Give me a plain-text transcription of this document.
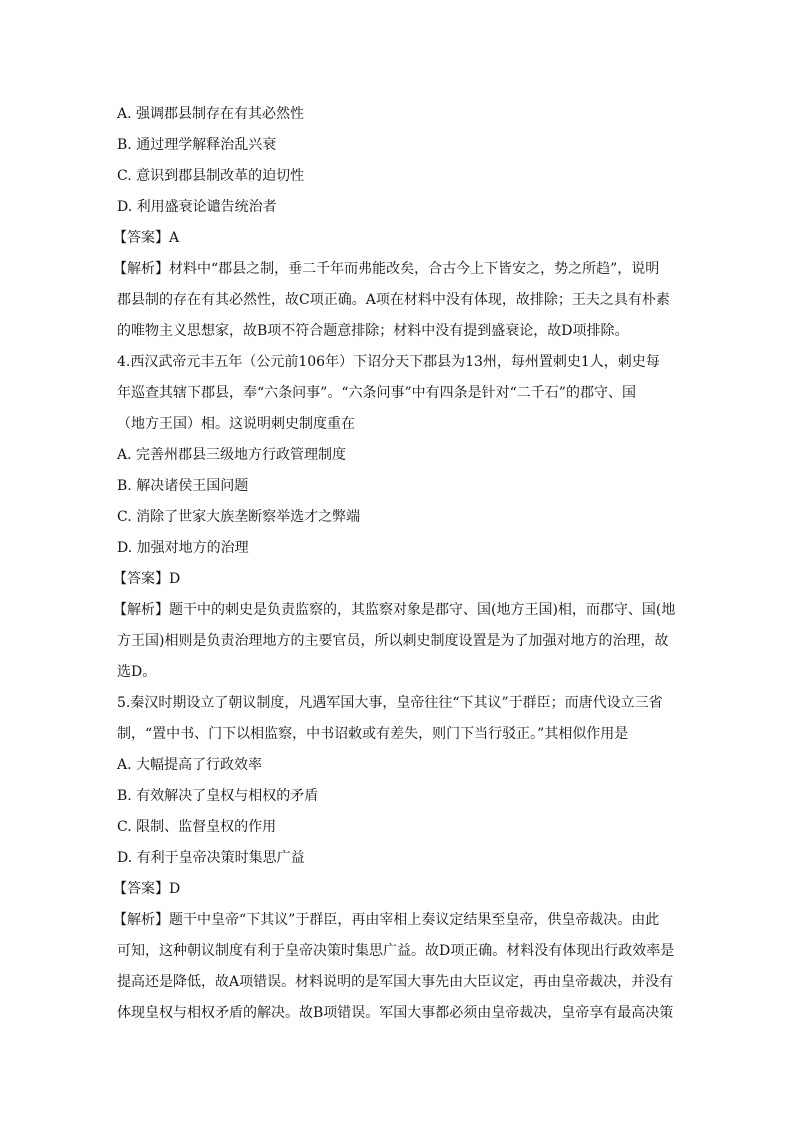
A. 强调郡县制存在有其必然性
B. 通过理学解释治乱兴衰
C. 意识到郡县制改革的迫切性
D. 利用盛衰论谴告统治者
【答案】A
【解析】材料中“郡县之制，垂二千年而弗能改矣，合古今上下皆安之，势之所趋”，说明
郡县制的存在有其必然性，故C项正确。A项在材料中没有体现，故排除；王夫之具有朴素
的唯物主义思想家，故B项不符合题意排除；材料中没有提到盛衰论，故D项排除。
4.西汉武帝元丰五年（公元前106年）下诏分天下郡县为13州，每州置刺史1人，刺史每
年巡查其辖下郡县，奉“六条问事”。“六条问事”中有四条是针对“二千石”的郡守、国
（地方王国）相。这说明刺史制度重在
A. 完善州郡县三级地方行政管理制度
B. 解决诸侯王国问题
C. 消除了世家大族垄断察举选才之弊端
D. 加强对地方的治理
【答案】D
【解析】题干中的刺史是负责监察的，其监察对象是郡守、国(地方王国)相，而郡守、国(地
方王国)相则是负责治理地方的主要官员，所以刺史制度设置是为了加强对地方的治理，故
选D。
5.秦汉时期设立了朝议制度，凡遇军国大事，皇帝往往“下其议”于群臣；而唐代设立三省
制，“置中书、门下以相监察，中书诏敕或有差失，则门下当行驳正。”其相似作用是
A. 大幅提高了行政效率
B. 有效解决了皇权与相权的矛盾
C. 限制、监督皇权的作用
D. 有利于皇帝决策时集思广益
【答案】D
【解析】题干中皇帝“下其议”于群臣，再由宰相上奏议定结果至皇帝，供皇帝裁决。由此
可知，这种朝议制度有利于皇帝决策时集思广益。故D项正确。材料没有体现出行政效率是
提高还是降低，故A项错误。材料说明的是军国大事先由大臣议定，再由皇帝裁决，并没有
体现皇权与相权矛盾的解决。故B项错误。军国大事都必须由皇帝裁决，皇帝享有最高决策
